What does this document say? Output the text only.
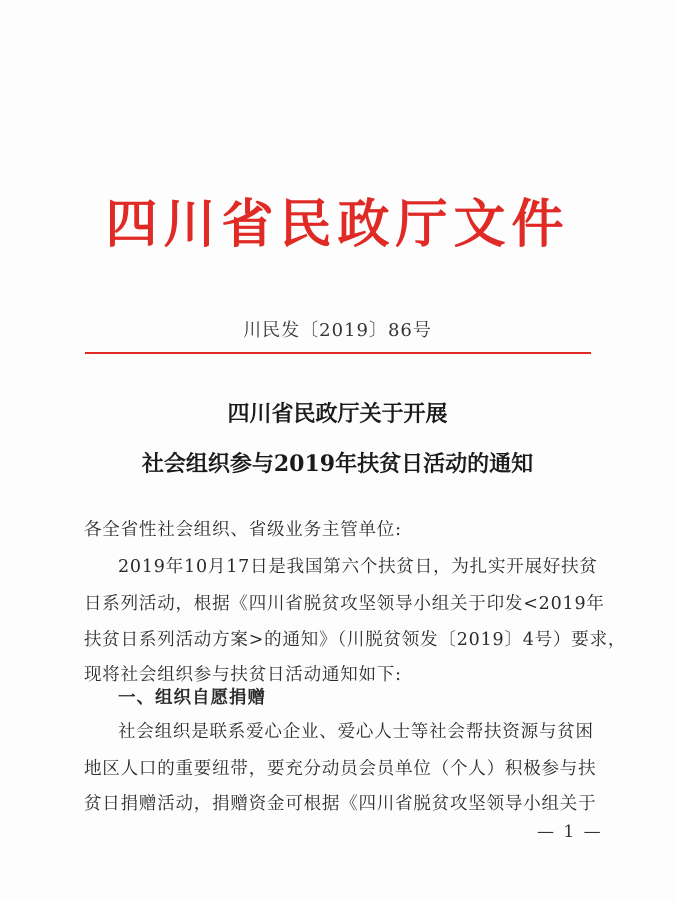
四川省民政厅文件
川民发〔2019〕86号
四川省民政厅关于开展
社会组织参与2019年扶贫日活动的通知
各全省性社会组织、省级业务主管单位:
2019年10月17日是我国第六个扶贫日，为扎实开展好扶贫
日系列活动，根据《四川省脱贫攻坚领导小组关于印发<2019年
扶贫日系列活动方案>的通知》（川脱贫领发〔2019〕4号）要求，
现将社会组织参与扶贫日活动通知如下:
一、组织自愿捐赠
社会组织是联系爱心企业、爱心人士等社会帮扶资源与贫困
地区人口的重要纽带，要充分动员会员单位（个人）积极参与扶
贫日捐赠活动，捐赠资金可根据《四川省脱贫攻坚领导小组关于
— 1 —
